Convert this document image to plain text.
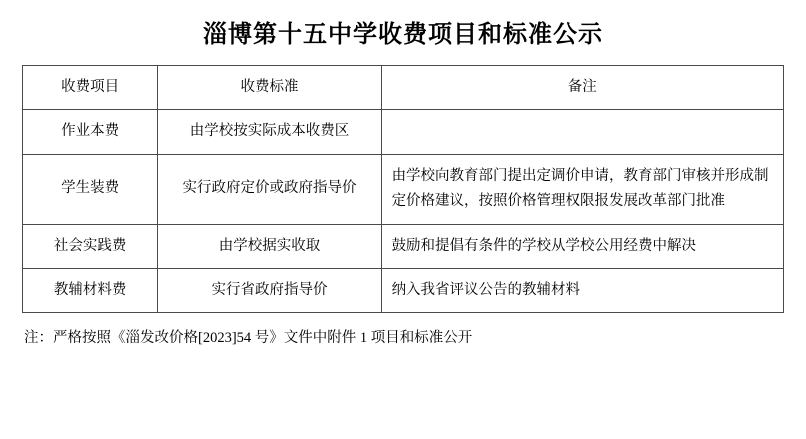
淄博第十五中学收费项目和标准公示
收费项目	收费标准	备注
作业本费	由学校按实际成本收费区	
学生装费	实行政府定价或政府指导价	由学校向教育部门提出定调价申请，教育部门审核并形成制定价格建议，按照价格管理权限报发展改革部门批准
社会实践费	由学校据实收取	鼓励和提倡有条件的学校从学校公用经费中解决
教辅材料费	实行省政府指导价	纳入我省评议公告的教辅材料
注：严格按照《淄发改价格[2023]54 号》文件中附件 1 项目和标准公开
